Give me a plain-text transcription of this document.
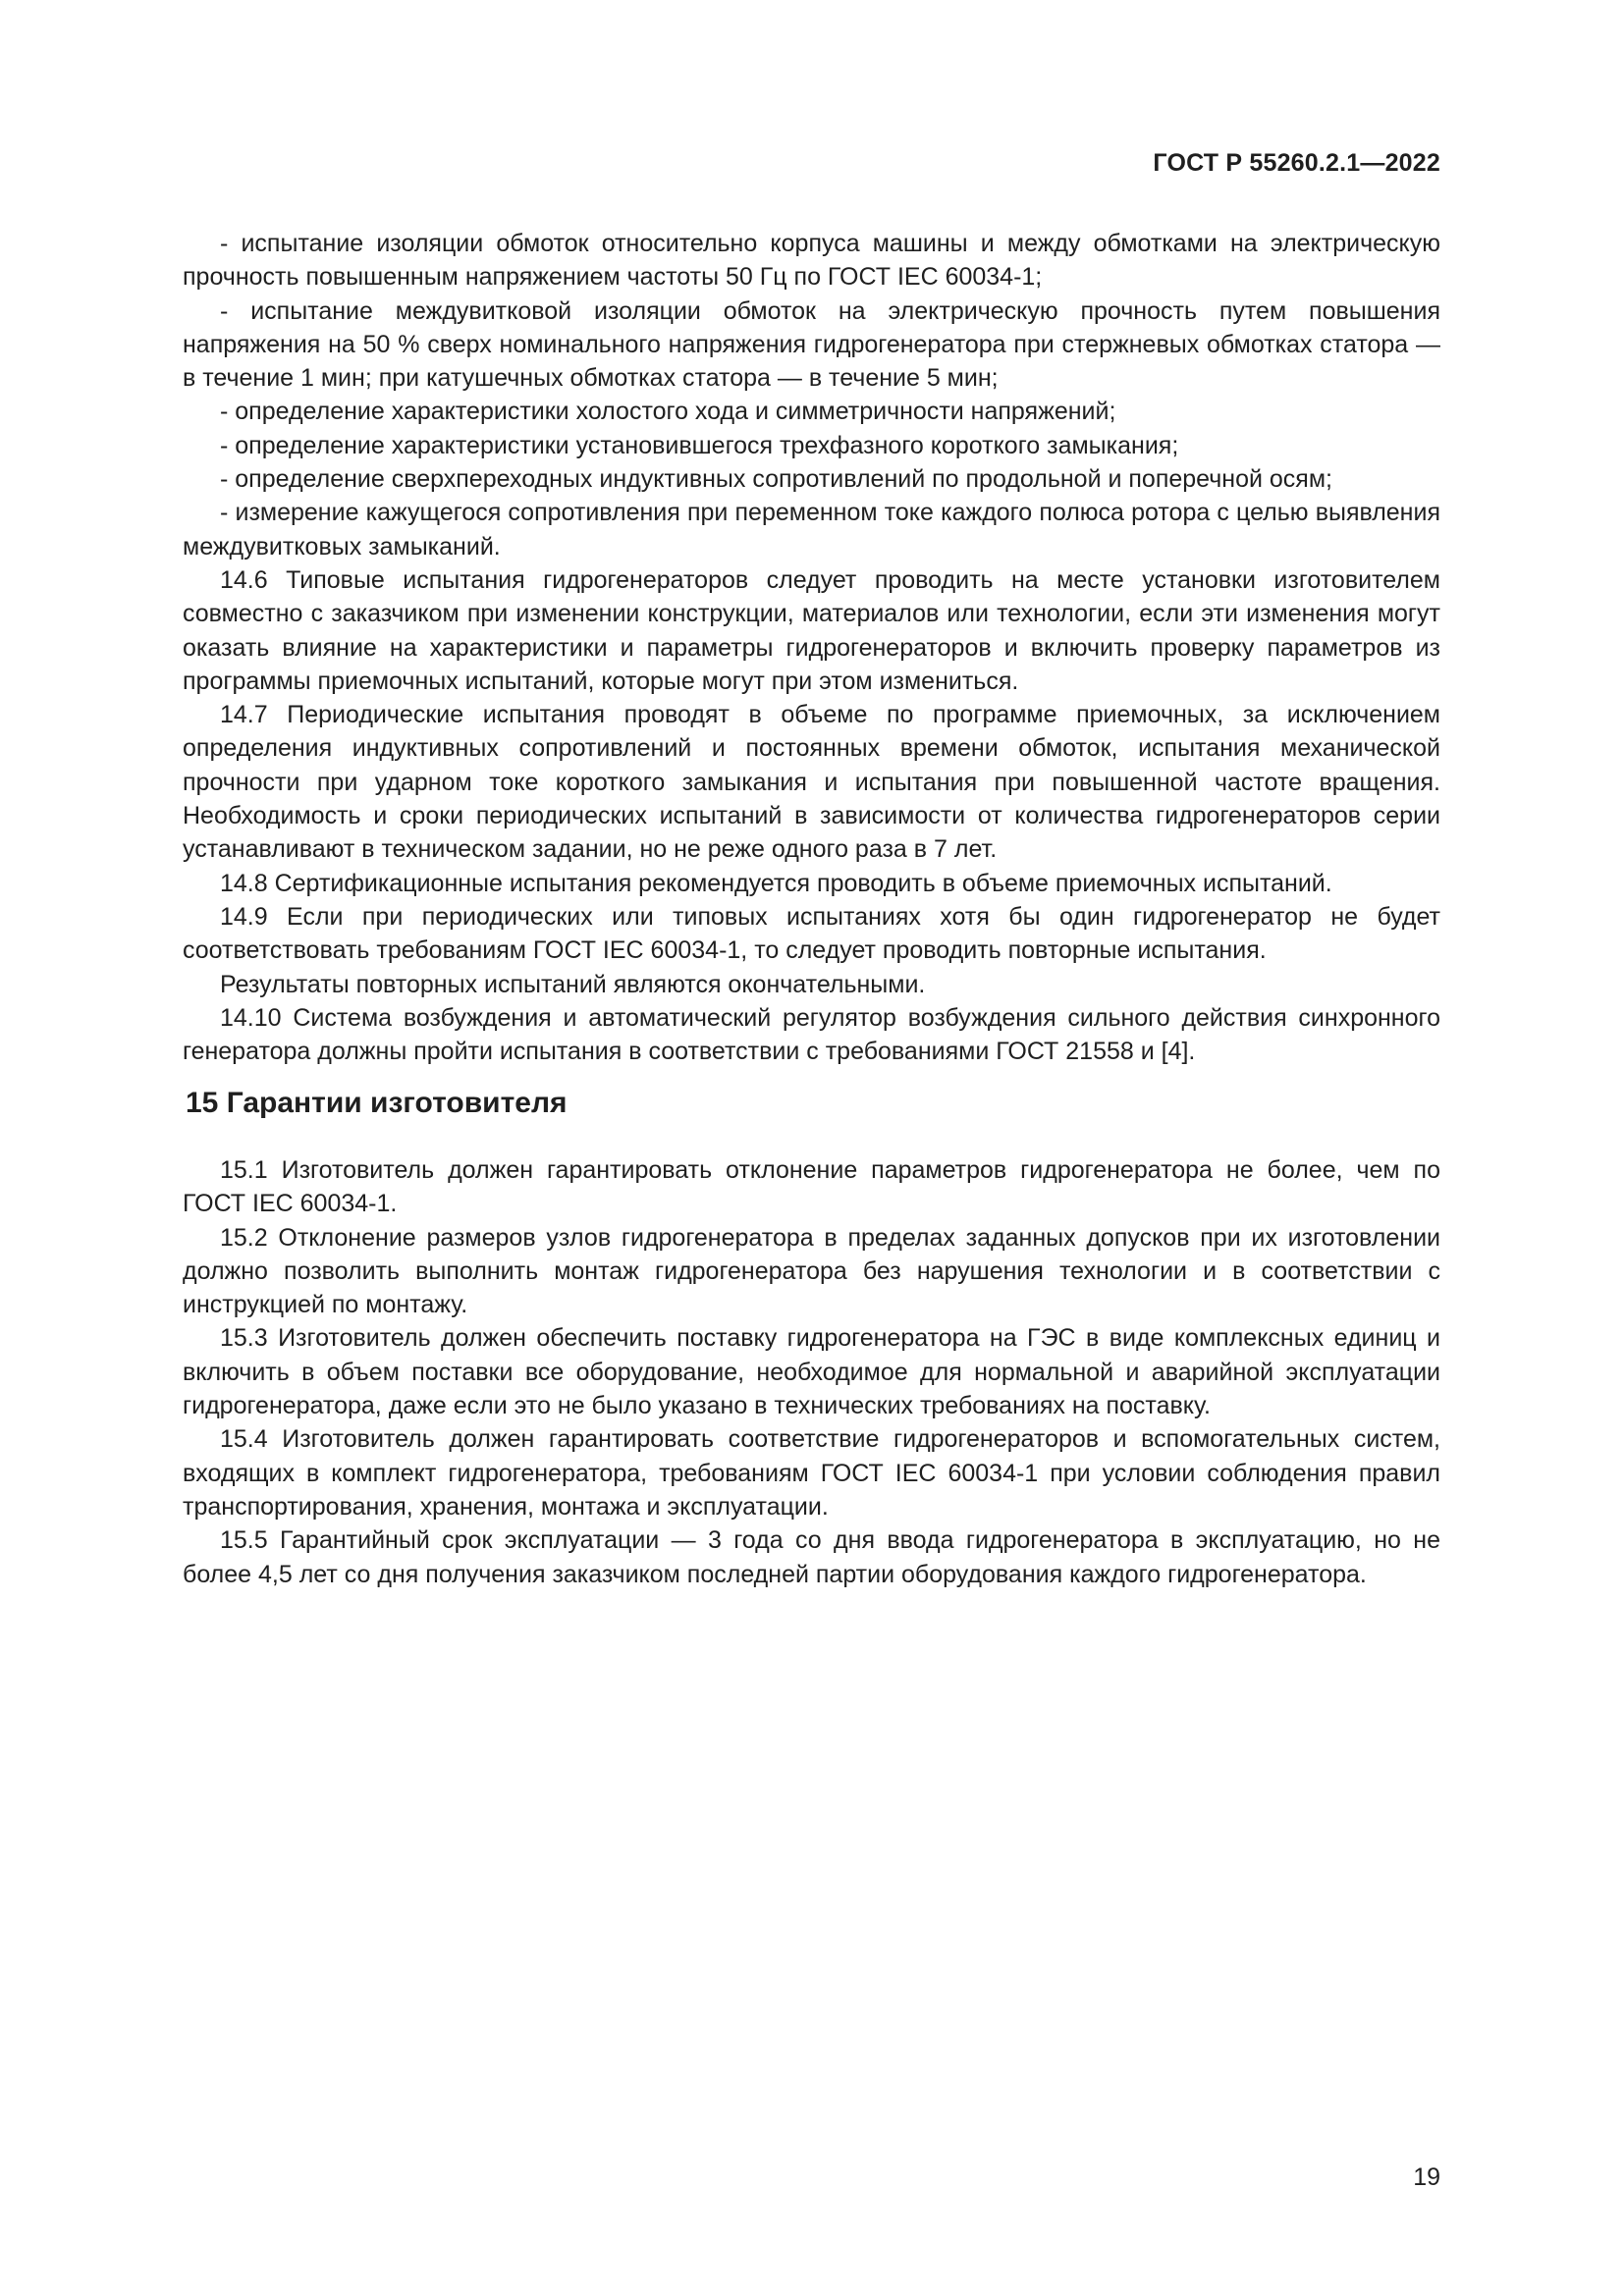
ГОСТ Р 55260.2.1—2022

- испытание изоляции обмоток относительно корпуса машины и между обмотками на электрическую прочность повышенным напряжением частоты 50 Гц по ГОСТ IEC 60034-1;

- испытание междувитковой изоляции обмоток на электрическую прочность путем повышения напряжения на 50 % сверх номинального напряжения гидрогенератора при стержневых обмотках статора — в течение 1 мин; при катушечных обмотках статора — в течение 5 мин;

- определение характеристики холостого хода и симметричности напряжений;

- определение характеристики установившегося трехфазного короткого замыкания;

- определение сверхпереходных индуктивных сопротивлений по продольной и поперечной осям;

- измерение кажущегося сопротивления при переменном токе каждого полюса ротора с целью выявления междувитковых замыканий.

14.6 Типовые испытания гидрогенераторов следует проводить на месте установки изготовителем совместно с заказчиком при изменении конструкции, материалов или технологии, если эти изменения могут оказать влияние на характеристики и параметры гидрогенераторов и включить проверку параметров из программы приемочных испытаний, которые могут при этом измениться.

14.7 Периодические испытания проводят в объеме по программе приемочных, за исключением определения индуктивных сопротивлений и постоянных времени обмоток, испытания механической прочности при ударном токе короткого замыкания и испытания при повышенной частоте вращения. Необходимость и сроки периодических испытаний в зависимости от количества гидрогенераторов серии устанавливают в техническом задании, но не реже одного раза в 7 лет.

14.8 Сертификационные испытания рекомендуется проводить в объеме приемочных испытаний.

14.9 Если при периодических или типовых испытаниях хотя бы один гидрогенератор не будет соответствовать требованиям ГОСТ IEC 60034-1, то следует проводить повторные испытания.

Результаты повторных испытаний являются окончательными.

14.10 Система возбуждения и автоматический регулятор возбуждения сильного действия синхронного генератора должны пройти испытания в соответствии с требованиями ГОСТ 21558 и [4].

15 Гарантии изготовителя

15.1 Изготовитель должен гарантировать отклонение параметров гидрогенератора не более, чем по ГОСТ IEC 60034-1.

15.2 Отклонение размеров узлов гидрогенератора в пределах заданных допусков при их изготовлении должно позволить выполнить монтаж гидрогенератора без нарушения технологии и в соответствии с инструкцией по монтажу.

15.3 Изготовитель должен обеспечить поставку гидрогенератора на ГЭС в виде комплексных единиц и включить в объем поставки все оборудование, необходимое для нормальной и аварийной эксплуатации гидрогенератора, даже если это не было указано в технических требованиях на поставку.

15.4 Изготовитель должен гарантировать соответствие гидрогенераторов и вспомогательных систем, входящих в комплект гидрогенератора, требованиям ГОСТ IEC 60034-1 при условии соблюдения правил транспортирования, хранения, монтажа и эксплуатации.

15.5 Гарантийный срок эксплуатации — 3 года со дня ввода гидрогенератора в эксплуатацию, но не более 4,5 лет со дня получения заказчиком последней партии оборудования каждого гидрогенератора.

19
